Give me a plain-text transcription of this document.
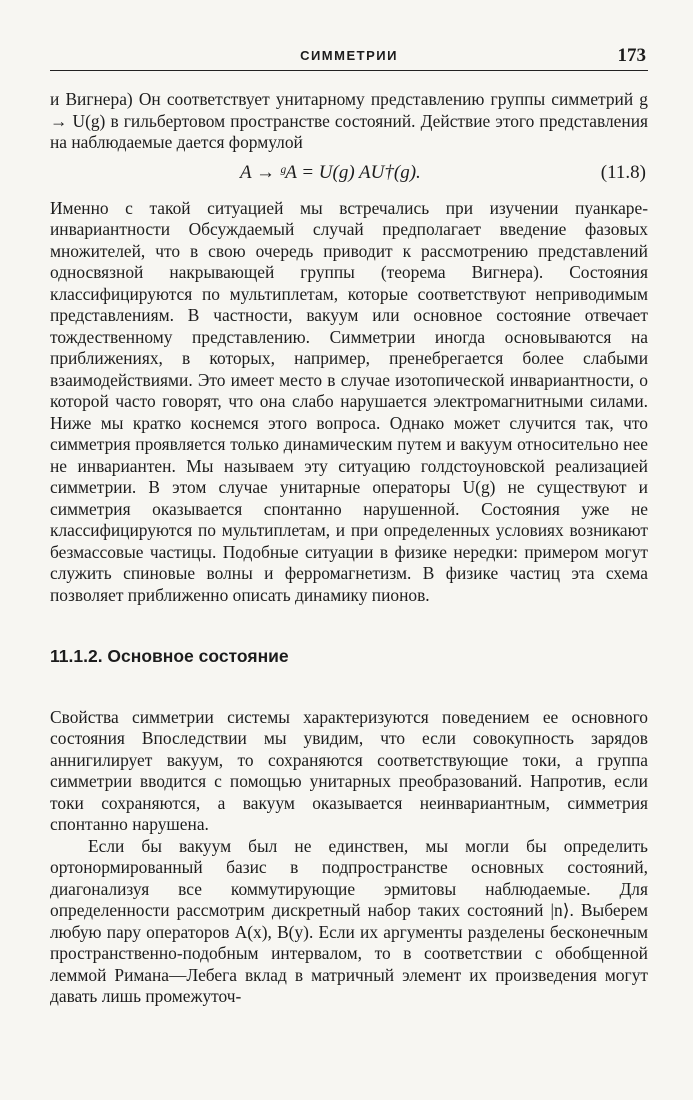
СИММЕТРИИ	173

и Вигнера) Он соответствует унитарному представлению группы симметрий g → U(g) в гильбертовом пространстве состояний. Действие этого представления на наблюдаемые дается формулой

A → ᵍA = U(g) AU†(g).	(11.8)

Именно с такой ситуацией мы встречались при изучении пуанкаре-инвариантности Обсуждаемый случай предполагает введение фазовых множителей, что в свою очередь приводит к рассмотрению представлений односвязной накрывающей группы (теорема Вигнера). Состояния классифицируются по мультиплетам, которые соответствуют неприводимым представлениям. В частности, вакуум или основное состояние отвечает тождественному представлению. Симметрии иногда основываются на приближениях, в которых, например, пренебрегается более слабыми взаимодействиями. Это имеет место в случае изотопической инвариантности, о которой часто говорят, что она слабо нарушается электромагнитными силами. Ниже мы кратко коснемся этого вопроса. Однако может случится так, что симметрия проявляется только динамическим путем и вакуум относительно нее не инвариантен. Мы называем эту ситуацию голдстоуновской реализацией симметрии. В этом случае унитарные операторы U(g) не существуют и симметрия оказывается спонтанно нарушенной. Состояния уже не классифицируются по мультиплетам, и при определенных условиях возникают безмассовые частицы. Подобные ситуации в физике нередки: примером могут служить спиновые волны и ферромагнетизм. В физике частиц эта схема позволяет приближенно описать динамику пионов.

11.1.2. Основное состояние

Свойства симметрии системы характеризуются поведением ее основного состояния Впоследствии мы увидим, что если совокупность зарядов аннигилирует вакуум, то сохраняются соответствующие токи, а группа симметрии вводится с помощью унитарных преобразований. Напротив, если токи сохраняются, а вакуум оказывается неинвариантным, симметрия спонтанно нарушена.

Если бы вакуум был не единствен, мы могли бы определить ортонормированный базис в подпространстве основных состояний, диагонализуя все коммутирующие эрмитовы наблюдаемые. Для определенности рассмотрим дискретный набор таких состояний |n⟩. Выберем любую пару операторов A(x), B(y). Если их аргументы разделены бесконечным пространственно-подобным интервалом, то в соответствии с обобщенной леммой Римана—Лебега вклад в матричный элемент их произведения могут давать лишь промежуточ-
